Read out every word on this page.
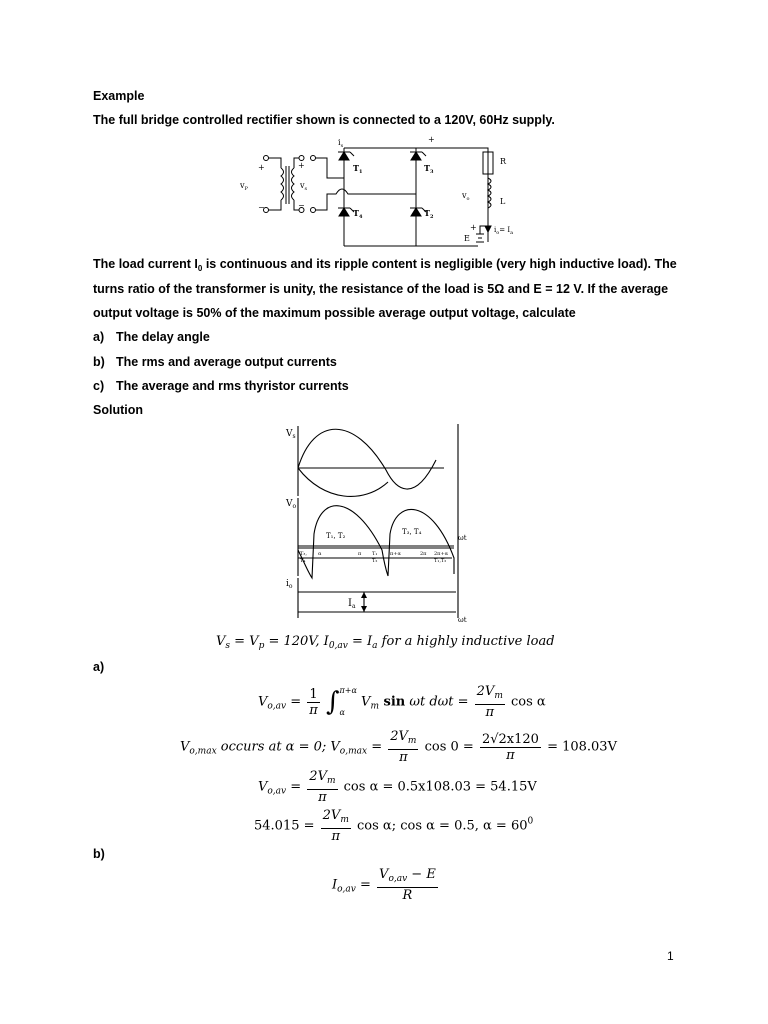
Example
The full bridge controlled rectifier shown is connected to a 120V, 60Hz supply.
$v_P$
+
−
$v_s$
+
−
$i_s$
$T_1$	$T_3$
$T_4$	$T_2$
+
$v_o$
R
L
E
$i_o= I_a$
+
_
The load current $I_0$ is continuous and its ripple content is negligible (very high inductive load). The
turns ratio of the transformer is unity, the resistance of the load is 5Ω and E = 12 V. If the average
output voltage is 50% of the maximum possible average output voltage, calculate
a) The delay angle
b) The rms and average output currents
c) The average and rms thyristor currents
Solution
$V_s$
$V_o$
$i_o$
ωt
ωt
$I_a$
T₁, T₂	T₃, T₄
T₃,
T₄
α	π T₁
T₂
π+α	2π 2π+α
T₁,T₂
$V_s = V_p = 120V$, $I_{0,av} = I_a$ for a highly inductive load
a)
$V_{o,av} = \frac{1}{\pi}$ ∫ π+α
α
$V_m$ sin ωt $d\omega t = \frac{2V_m}{\pi}$ cos α
$V_{o,max}$ occurs at α = 0; $V_{o,max} = \frac{2V_m}{\pi}$ $\cos 0 = \frac{2√2x120}{\pi} = 108.03V$
$V_{o,av} = \frac{2V_m}{\pi}$ cos α = 0.5x108.03 = 54.15V
$54.015 = \frac{2V_m}{\pi}$ cos α; cos α = 0.5, $\alpha = 60^0$
b)
$I_{o,av} = \frac{V_{o,av} - E}{R}$
1
